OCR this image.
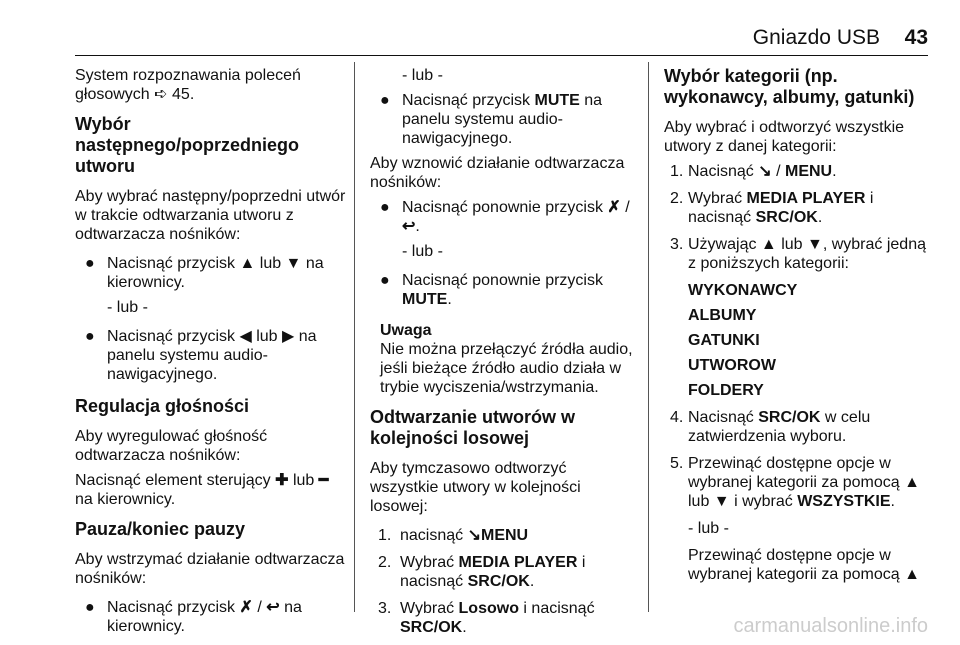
Gniazdo USB 43

System rozpoznawania poleceń
głosowych ➪ 45.

Wybór następnego/poprzedniego utworu

Aby wybrać następny/poprzedni utwór w trakcie odtwarzania utworu z odtwarzacza nośników:

● Nacisnąć przycisk ▲ lub ▼ na kierownicy.

- lub -

● Nacisnąć przycisk ◀ lub ▶ na panelu systemu audio-nawigacyjnego.
Regulacja głośności

Aby wyregulować głośność odtwarzacza nośników:

Nacisnąć element sterujący ✚ lub ━ na kierownicy.

Pauza/koniec pauzy

Aby wstrzymać działanie odtwarzacza nośników:

● Nacisnąć przycisk ✗ / ↩ na kierownicy.

- lub -

● Nacisnąć przycisk MUTE na panelu systemu audio-nawigacyjnego.

Aby wznowić działanie odtwarzacza nośników:

● Nacisnąć ponownie przycisk ✗ / ↩.

- lub -

● Nacisnąć ponownie przycisk MUTE.
Uwaga
Nie można przełączyć źródła audio, jeśli bieżące źródło audio działa w trybie wyciszenia/wstrzymania.
Odtwarzanie utworów w kolejności losowej

Aby tymczasowo odtworzyć wszystkie utwory w kolejności losowej:

1. nacisnąć ↘MENU
2. Wybrać MEDIA PLAYER i nacisnąć SRC/OK.
3. Wybrać Losowo i nacisnąć SRC/OK.
Wybór kategorii (np. wykonawcy, albumy, gatunki)

Aby wybrać i odtworzyć wszystkie utwory z danej kategorii:

1. Nacisnąć ↘ / MENU.
2. Wybrać MEDIA PLAYER i nacisnąć SRC/OK.
3. Używając ▲ lub ▼, wybrać jedną z poniższych kategorii:
WYKONAWCY
ALBUMY
GATUNKI
UTWOROW
FOLDERY
4. Nacisnąć SRC/OK w celu zatwierdzenia wyboru.
5. Przewinąć dostępne opcje w wybranej kategorii za pomocą ▲ lub ▼ i wybrać WSZYSTKIE.

- lub -

Przewinąć dostępne opcje w wybranej kategorii za pomocą ▲

carmanualsonline.info
